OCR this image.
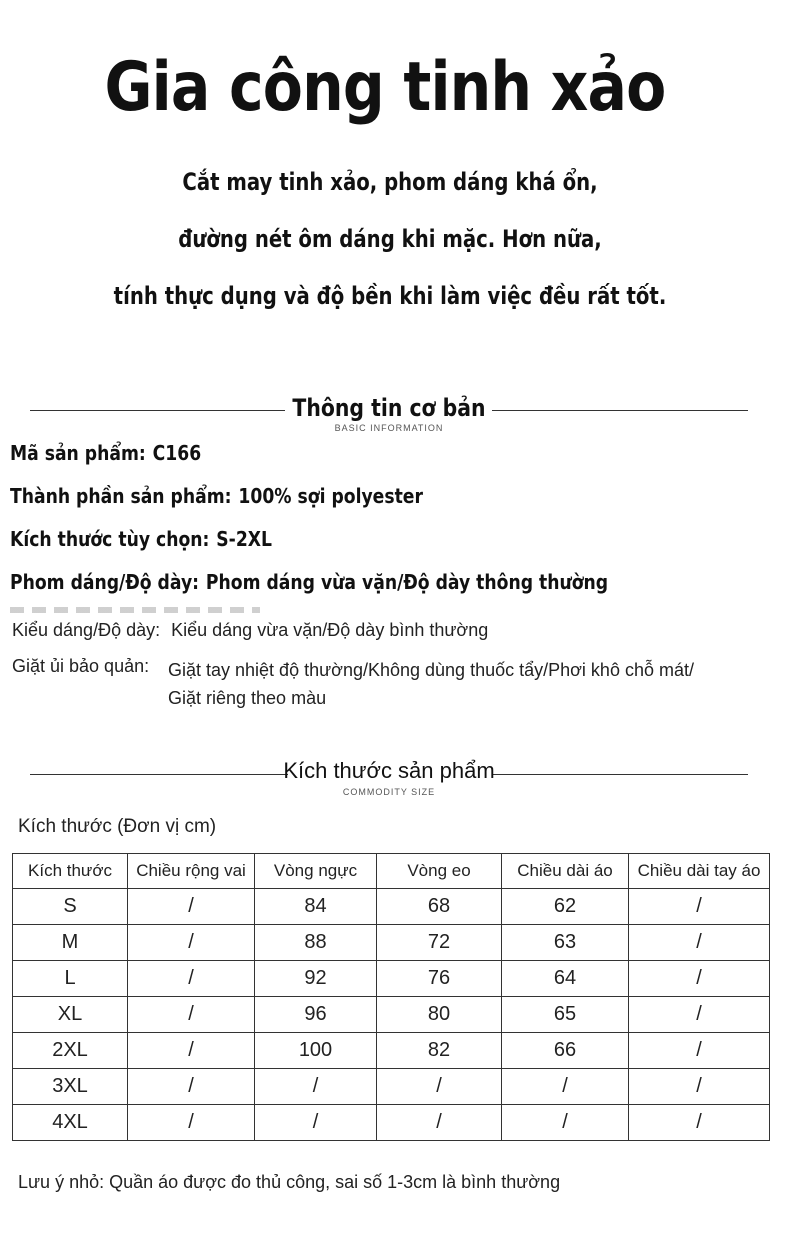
Gia công tinh xảo
Cắt may tinh xảo, phom dáng khá ổn,
đường nét ôm dáng khi mặc. Hơn nữa,
tính thực dụng và độ bền khi làm việc đều rất tốt.
Thông tin cơ bản
BASIC INFORMATION
Mã sản phẩm: C166
Thành phần sản phẩm: 100% sợi polyester
Kích thước tùy chọn: S-2XL
Phom dáng/Độ dày: Phom dáng vừa vặn/Độ dày thông thường
Kiểu dáng/Độ dày: Kiểu dáng vừa vặn/Độ dày bình thường
Giặt ủi bảo quản: Giặt tay nhiệt độ thường/Không dùng thuốc tẩy/Phơi khô chỗ mát/
Giặt riêng theo màu
Kích thước sản phẩm
COMMODITY SIZE
Kích thước (Đơn vị cm)
Kích thước	Chiều rộng vai	Vòng ngực	Vòng eo	Chiều dài áo	Chiều dài tay áo
S	/	84	68	62	/
M	/	88	72	63	/
L	/	92	76	64	/
XL	/	96	80	65	/
2XL	/	100	82	66	/
3XL	/	/	/	/	/
4XL	/	/	/	/	/
Lưu ý nhỏ: Quần áo được đo thủ công, sai số 1-3cm là bình thường
